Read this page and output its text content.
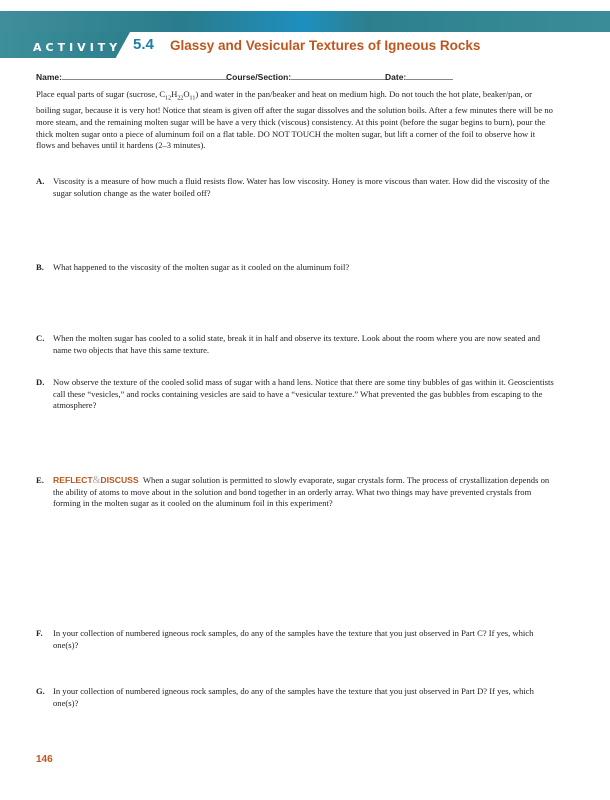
ACTIVITY 5.4 Glassy and Vesicular Textures of Igneous Rocks
Name:	Course/Section:	Date:
Place equal parts of sugar (sucrose, $C_{12}H_{22}O_{11}$) and water in the pan/beaker and heat on medium high. Do not touch the hot plate, beaker/pan, or boiling sugar, because it is very hot! Notice that steam is given off after the sugar dissolves and the solution boils. After a few minutes there will be no more steam, and the remaining molten sugar will be have a very thick (viscous) consistency. At this point (before the sugar begins to burn), pour the thick molten sugar onto a piece of aluminum foil on a flat table. DO NOT TOUCH the molten sugar, but lift a corner of the foil to observe how it flows and behaves until it hardens (2–3 minutes).
A. Viscosity is a measure of how much a fluid resists flow. Water has low viscosity. Honey is more viscous than water. How did the viscosity of the sugar solution change as the water boiled off?
B. What happened to the viscosity of the molten sugar as it cooled on the aluminum foil?
C. When the molten sugar has cooled to a solid state, break it in half and observe its texture. Look about the room where you are now seated and name two objects that have this same texture.
D. Now observe the texture of the cooled solid mass of sugar with a hand lens. Notice that there are some tiny bubbles of gas within it. Geoscientists call these “vesicles,” and rocks containing vesicles are said to have a “vesicular texture.” What prevented the gas bubbles from escaping to the atmosphere?
E. REFLECT&DISCUSS When a sugar solution is permitted to slowly evaporate, sugar crystals form. The process of crystallization depends on the ability of atoms to move about in the solution and bond together in an orderly array. What two things may have prevented crystals from forming in the molten sugar as it cooled on the aluminum foil in this experiment?
F. In your collection of numbered igneous rock samples, do any of the samples have the texture that you just observed in Part C? If yes, which one(s)?
G. In your collection of numbered igneous rock samples, do any of the samples have the texture that you just observed in Part D? If yes, which one(s)?
146
